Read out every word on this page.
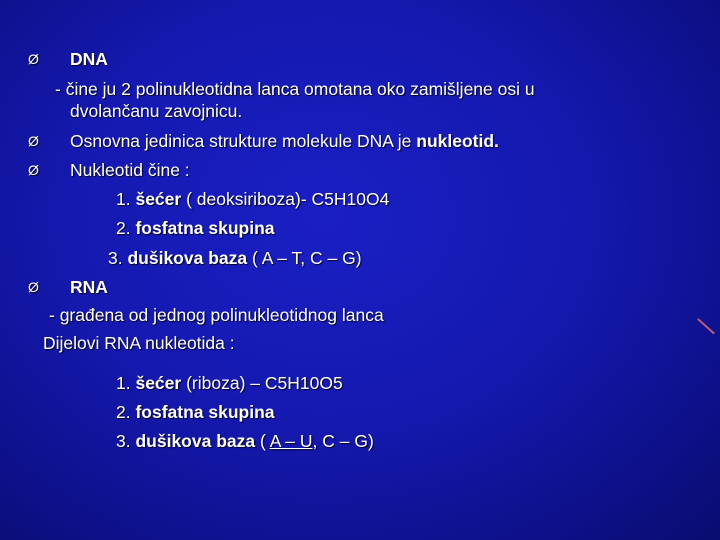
Ø DNA
- čine ju 2 polinukleotidna lanca omotana oko zamišljene osi u
dvolančanu zavojnicu.
Ø Osnovna jedinica strukture molekule DNA je nukleotid.
Ø Nukleotid čine :
1. šećer ( deoksiriboza)- C5H10O4
2. fosfatna skupina
3. dušikova baza ( A – T, C – G)
Ø RNA
- građena od jednog polinukleotidnog lanca
Dijelovi RNA nukleotida :
1. šećer (riboza) – C5H10O5
2. fosfatna skupina
3. dušikova baza ( A – U, C – G)
